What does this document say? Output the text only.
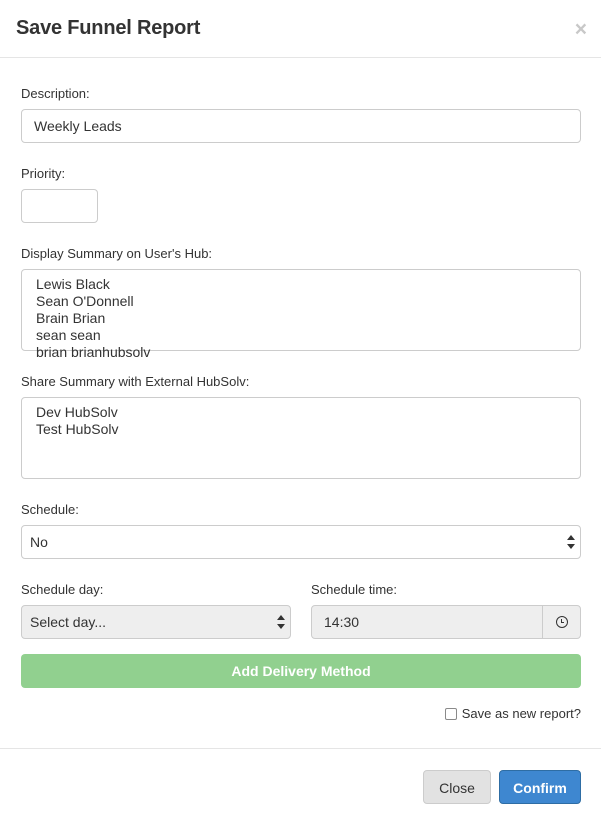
Save Funnel Report	×
Description:
Weekly Leads
Priority:
Display Summary on User's Hub:
Lewis Black
Sean O'Donnell
Brain Brian
sean sean
brian brianhubsolv
Share Summary with External HubSolv:
Dev HubSolv
Test HubSolv
Schedule:
No
Schedule day:
Select day...
Schedule time:
14:30
Add Delivery Method
Save as new report?
Close	Confirm
